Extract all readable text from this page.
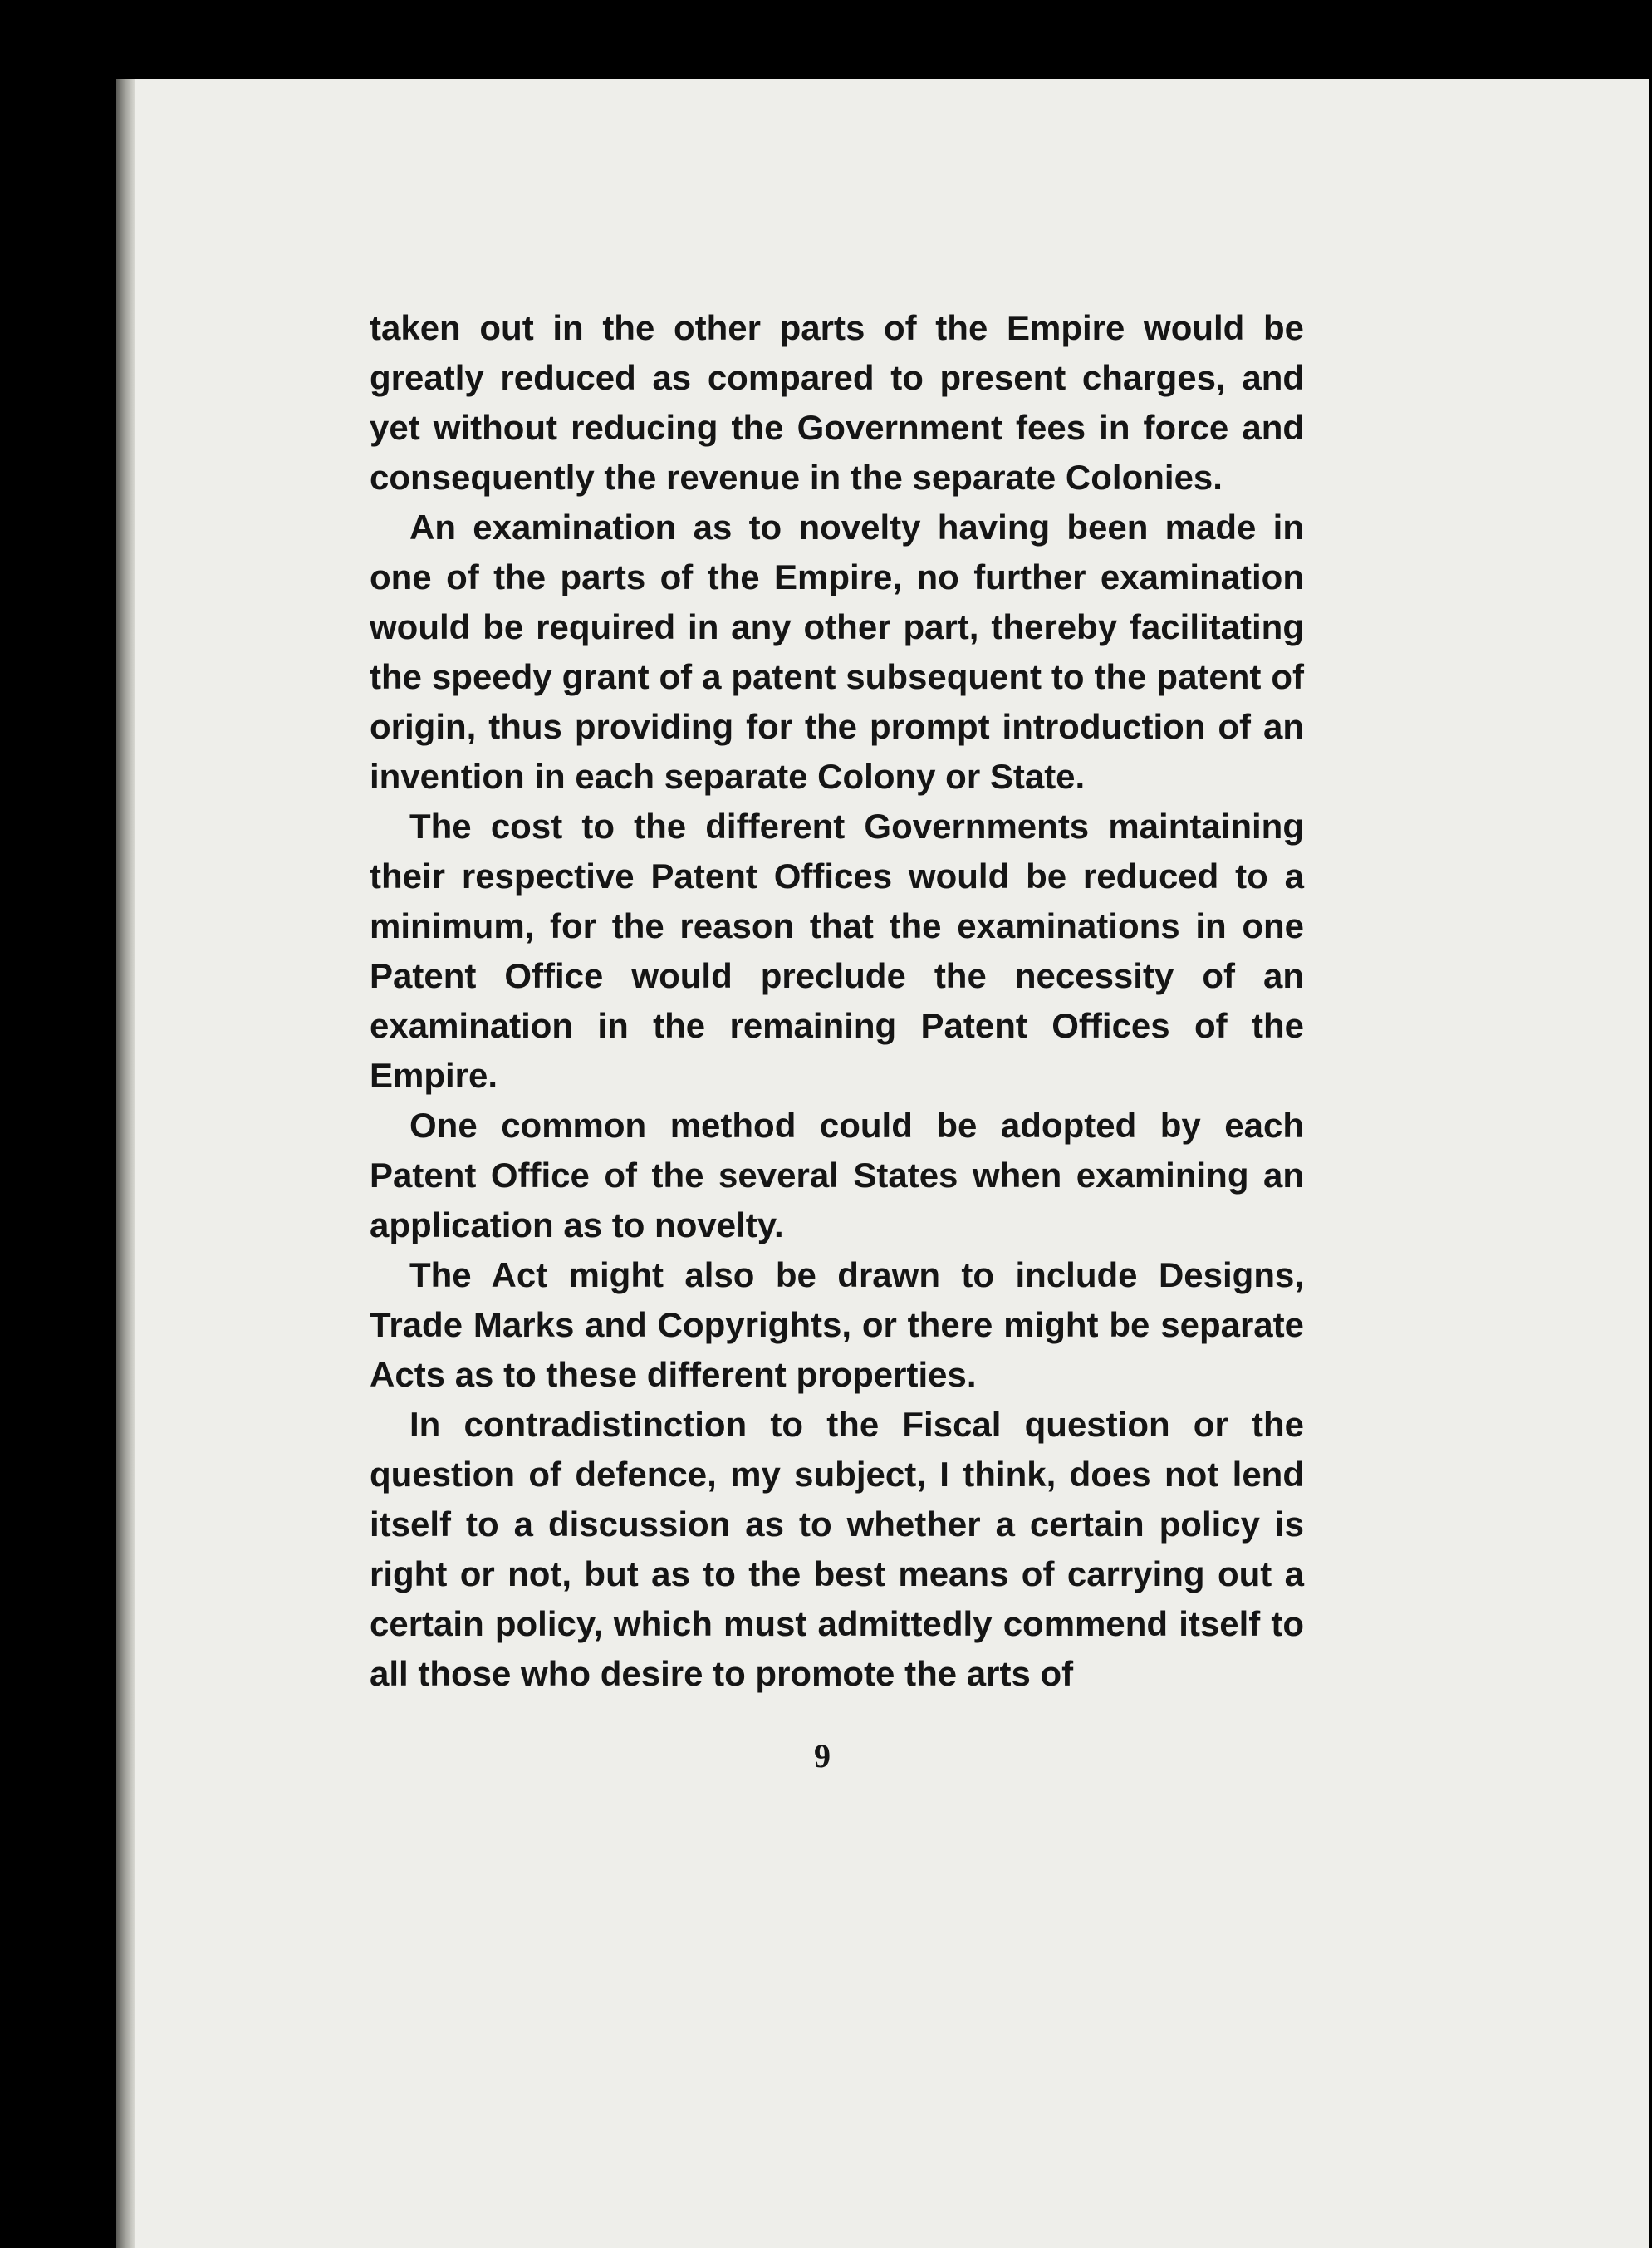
taken out in the other parts of the Empire would be greatly reduced as compared to present charges, and yet without reducing the Government fees in force and consequently the revenue in the separate Colonies.

An examination as to novelty having been made in one of the parts of the Empire, no further examination would be required in any other part, thereby facilitating the speedy grant of a patent subsequent to the patent of origin, thus providing for the prompt introduction of an invention in each separate Colony or State.

The cost to the different Governments maintaining their respective Patent Offices would be reduced to a minimum, for the reason that the examinations in one Patent Office would preclude the necessity of an examination in the remaining Patent Offices of the Empire.

One common method could be adopted by each Patent Office of the several States when examining an application as to novelty.

The Act might also be drawn to include Designs, Trade Marks and Copyrights, or there might be separate Acts as to these different properties.

In contradistinction to the Fiscal question or the question of defence, my subject, I think, does not lend itself to a discussion as to whether a certain policy is right or not, but as to the best means of carrying out a certain policy, which must admittedly commend itself to all those who desire to promote the arts of

9
